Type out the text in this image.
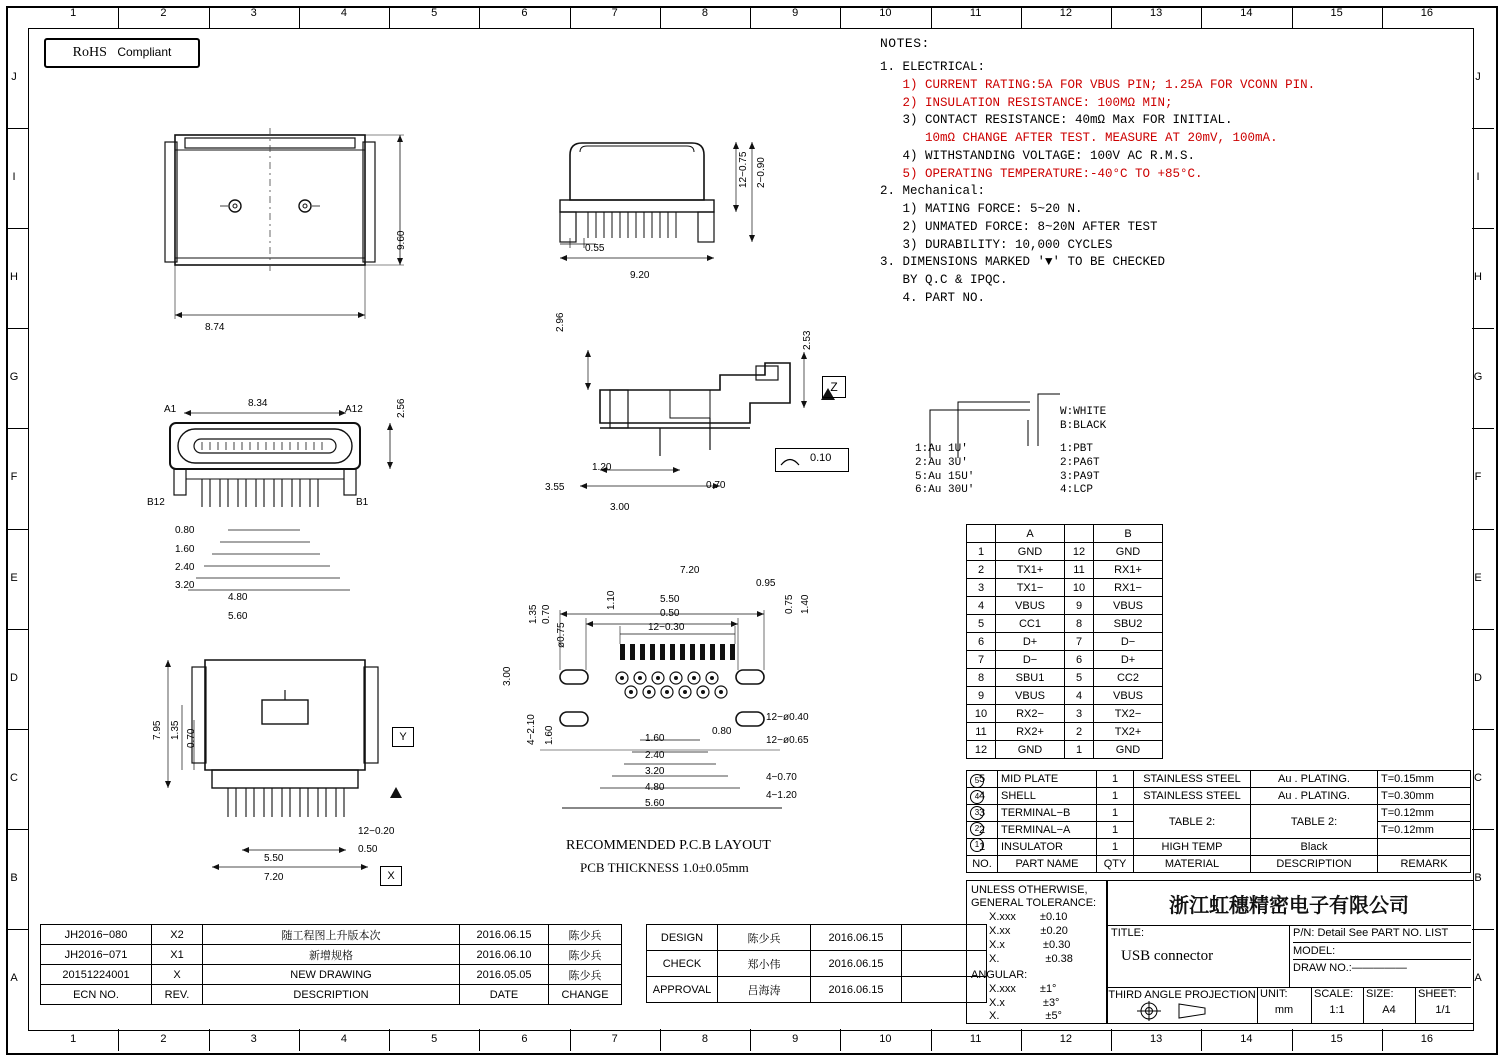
1
1
2
2
3
3
4
4
5
5
6
6
7
7
8
8
9
9
10
10
11
11
12
12
13
13
14
14
15
15
16
16
J	J
I	I
H	H
G	G
F	F
E	E
D	D
C	C
B	B
A	A
RoHS Compliant
NOTES:
1. ELECTRICAL:
1) CURRENT RATING:5A FOR VBUS PIN; 1.25A FOR VCONN PIN.
2) INSULATION RESISTANCE: 100MΩ MIN;
3) CONTACT RESISTANCE: 40mΩ Max FOR INITIAL.
10mΩ CHANGE AFTER TEST. MEASURE AT 20mV, 100mA.
4) WITHSTANDING VOLTAGE: 100V AC R.M.S.
5) OPERATING TEMPERATURE:-40°C TO +85°C.
2. Mechanical:
1) MATING FORCE: 5~20 N.
2) UNMATED FORCE: 8~20N AFTER TEST
3) DURABILITY: 10,000 CYCLES
3. DIMENSIONS MARKED '▼' TO BE CHECKED
BY Q.C & IPQC.
4. PART NO.
1:Au 1U'
2:Au 3U'
5:Au 15U'
6:Au 30U'
1:PBT
2:PA6T
3:PA9T
4:LCP
W:WHITE
B:BLACK
	A		B
1	GND	12	GND
2	TX1+	11	RX1+
3	TX1−	10	RX1−
4	VBUS	9	VBUS
5	CC1	8	SBU2
6	D+	7	D−
7	D−	6	D+
8	SBU1	5	CC2
9	VBUS	4	VBUS
10	RX2−	3	TX2−
11	RX2+	2	TX2+
12	GND	1	GND
5	MID PLATE	1	STAINLESS STEEL	Au . PLATING.	T=0.15mm
4	SHELL	1	STAINLESS STEEL	Au . PLATING.	T=0.30mm
3	TERMINAL−B	1	TABLE 2:	TABLE 2:	T=0.12mm
2	TERMINAL−A	1			T=0.12mm
1	INSULATOR	1	HIGH TEMP	Black	
NO.	PART NAME	QTY	MATERIAL	DESCRIPTION	REMARK
5
4
3
2
1
UNLESS OTHERWISE,
GENERAL TOLERANCE:
X.xxx ±0.10
X.xx	±0.20
X.x	±0.30
X.	±0.38
ANGULAR:
X.xxx ±1°
X.x	±3°
X.	±5°
浙江虹穗精密电子有限公司
TITLE:
USB connector
P/N: Detail See PART NO. LIST
MODEL:
DRAW NO.:—————
THIRD ANGLE PROJECTION UNIT:
mm
SCALE:
1:1
SIZE:
A4
SHEET:
1/1
JH2016−080	X2	随工程图上升版本次	2016.06.15	陈少兵
JH2016−071	X1	新增规格	2016.06.10	陈少兵
20151224001	X	NEW DRAWING	2016.05.05	陈少兵
ECN NO.	REV.	DESCRIPTION	DATE	CHANGE
DESIGN	陈少兵	2016.06.15	
CHECK	郑小伟	2016.06.15	
APPROVAL	吕海涛	2016.06.15	
9.60
8.74
12−0.75 2−0.90
0.55
9.20
8.34	2.56
A1	A12
B12	B1
0.80
1.60
2.40
3.20
4.80
5.60
2.96
2.53
1.20
0.70
3.55
3.00
Z
0.10
7.95 1.35 0.70
12−0.20
0.50
5.50
7.20	X
Y
7.20
5.50
0.50
12−0.30
0.95
1.35 0.70
1.10
ø0.75
3.00
4−2.10 1.60
0.75 1.40
12−ø0.40
12−ø0.65
0.80
4−0.70
4−1.20
1.60
2.40
3.20
4.80
5.60
RECOMMENDED P.C.B LAYOUT
PCB THICKNESS 1.0±0.05mm
